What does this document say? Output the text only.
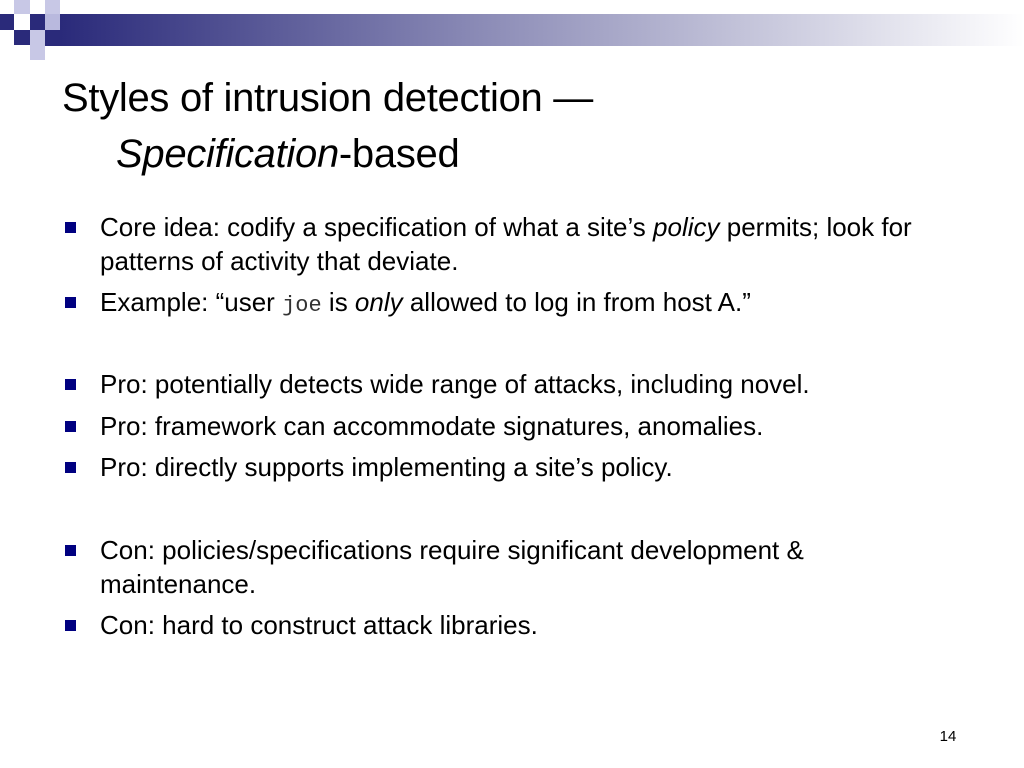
Styles of intrusion detection —
Specification-based
Core idea: codify a specification of what a site’s policy permits; look for patterns of activity that deviate.
Example: “user joe is only allowed to log in from host A.”
Pro: potentially detects wide range of attacks, including novel.
Pro: framework can accommodate signatures, anomalies.
Pro: directly supports implementing a site’s policy.
Con: policies/specifications require significant development & maintenance.
Con: hard to construct attack libraries.
14
